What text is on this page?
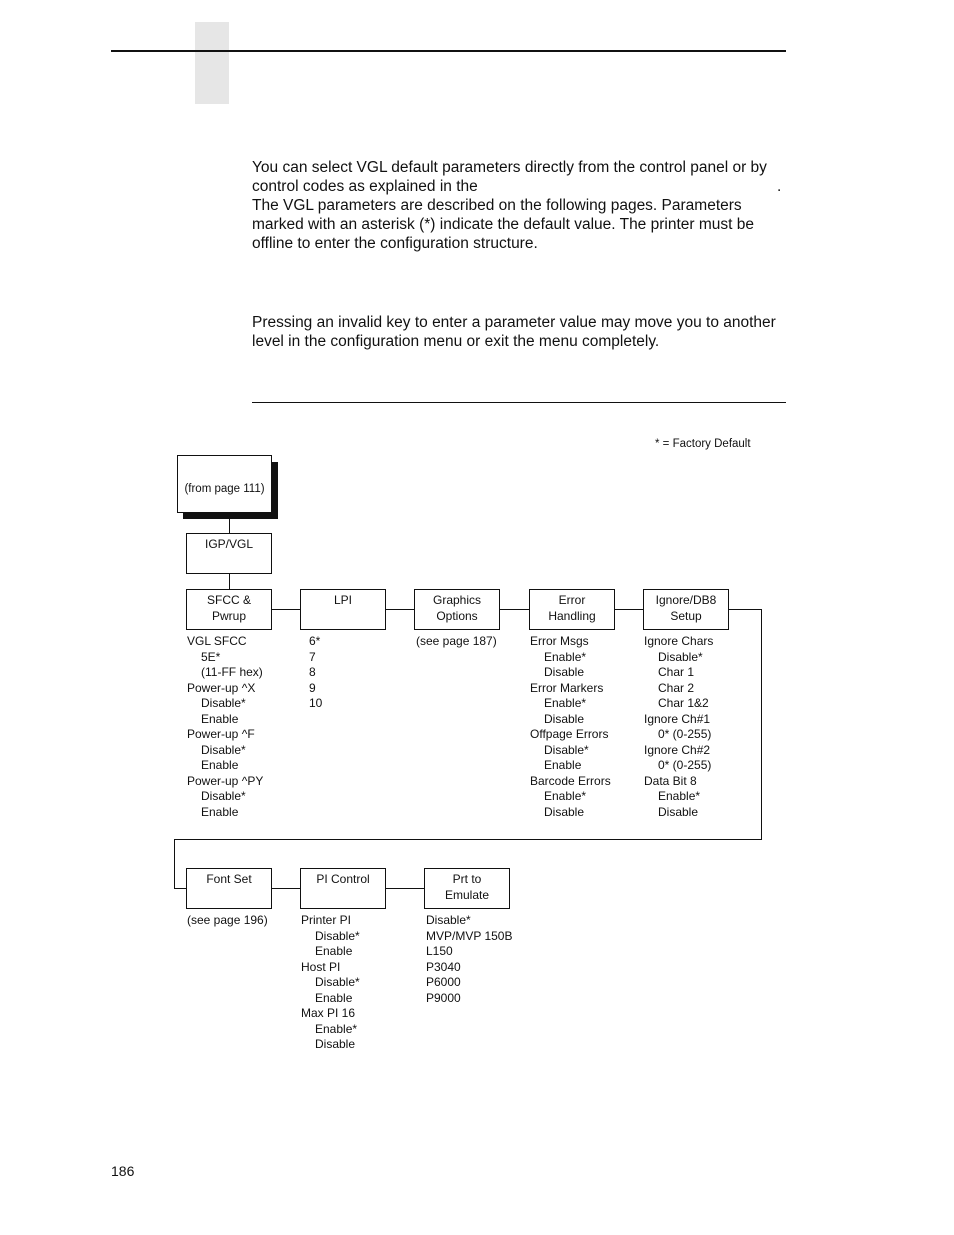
You can select VGL default parameters directly from the control panel or by
control codes as explained in the	.
The VGL parameters are described on the following pages. Parameters
marked with an asterisk (*) indicate the default value. The printer must be
offline to enter the configuration structure.
Pressing an invalid key to enter a parameter value may move you to another
level in the configuration menu or exit the menu completely.
* = Factory Default
(from page 111)
IGP/VGL
SFCC &
Pwrup
LPI	Graphics
Options
Error
Handling
Ignore/DB8
Setup
VGL SFCC
5E*
(11-FF hex)
Power-up ^X
Disable*
Enable
Power-up ^F
Disable*
Enable
Power-up ^PY
Disable*
Enable
6*
7
8
9
10
(see page 187)	Error Msgs
Enable*
Disable
Error Markers
Enable*
Disable
Offpage Errors
Disable*
Enable
Barcode Errors
Enable*
Disable
Ignore Chars
Disable*
Char 1
Char 2
Char 1&2
Ignore Ch#1
0* (0-255)
Ignore Ch#2
0* (0-255)
Data Bit 8
Enable*
Disable
Font Set	PI Control	Prt to
Emulate
(see page 196)	Printer PI
Disable*
Enable
Host PI
Disable*
Enable
Max PI 16
Enable*
Disable
Disable*
MVP/MVP 150B
L150
P3040
P6000
P9000
186
